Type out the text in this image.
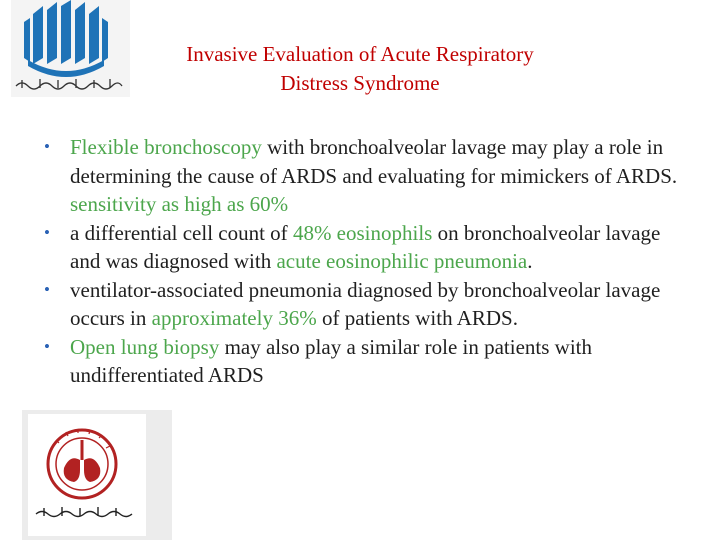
Invasive Evaluation of Acute Respiratory
Distress Syndrome
• Flexible bronchoscopy with bronchoalveolar lavage may play a role in determining the cause of ARDS and evaluating for mimickers of ARDS. sensitivity as high as 60%
• a differential cell count of 48% eosinophils on bronchoalveolar lavage and was diagnosed with acute eosinophilic pneumonia.
• ventilator-associated pneumonia diagnosed by bronchoalveolar lavage occurs in approximately 36% of patients with ARDS.
• Open lung biopsy may also play a similar role in patients with undifferentiated ARDS
